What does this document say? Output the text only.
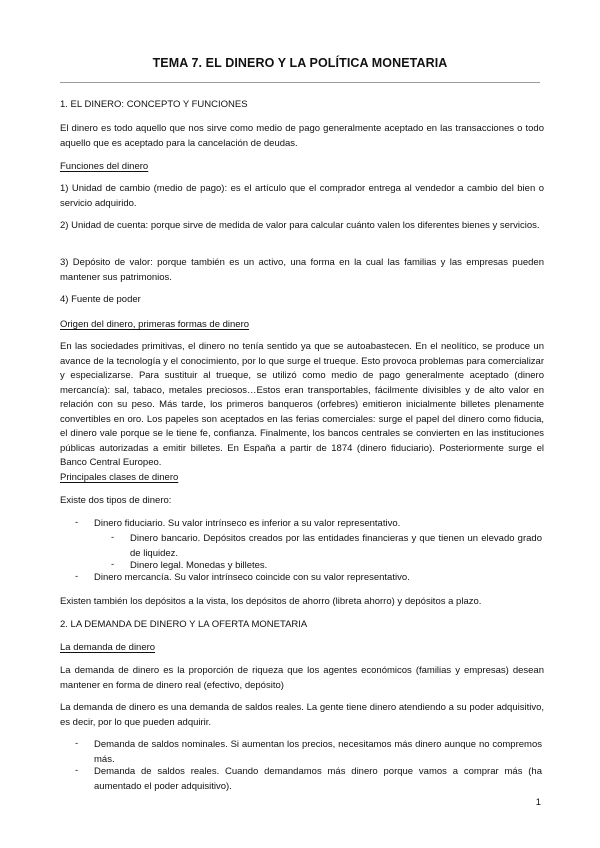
TEMA 7. EL DINERO Y LA POLÍTICA MONETARIA
1. EL DINERO: CONCEPTO Y FUNCIONES
El dinero es todo aquello que nos sirve como medio de pago generalmente aceptado en las transacciones o todo aquello que es aceptado para la cancelación de deudas.
Funciones del dinero
1) Unidad de cambio (medio de pago): es el artículo que el comprador entrega al vendedor a cambio del bien o servicio adquirido.
2) Unidad de cuenta: porque sirve de medida de valor para calcular cuánto valen los diferentes bienes y servicios.
3) Depósito de valor: porque también es un activo, una forma en la cual las familias y las empresas pueden mantener sus patrimonios.
4) Fuente de poder
Origen del dinero, primeras formas de dinero
En las sociedades primitivas, el dinero no tenía sentido ya que se autoabastecen. En el neolítico, se produce un avance de la tecnología y el conocimiento, por lo que surge el trueque. Esto provoca problemas para comercializar y especializarse. Para sustituir al trueque, se utilizó como medio de pago generalmente aceptado (dinero mercancía): sal, tabaco, metales preciosos…Estos eran transportables, fácilmente divisibles y de alto valor en relación con su peso. Más tarde, los primeros banqueros (orfebres) emitieron inicialmente billetes plenamente convertibles en oro. Los papeles son aceptados en las ferias comerciales: surge el papel del dinero como fiducia, el dinero vale porque se le tiene fe, confianza. Finalmente, los bancos centrales se convierten en las instituciones públicas autorizadas a emitir billetes. En España a partir de 1874 (dinero fiduciario). Posteriormente surge el Banco Central Europeo.
Principales clases de dinero
Existe dos tipos de dinero:
- Dinero fiduciario. Su valor intrínseco es inferior a su valor representativo.
- Dinero bancario. Depósitos creados por las entidades financieras y que tienen un elevado grado de liquidez.
- Dinero legal. Monedas y billetes.
- Dinero mercancía. Su valor intrínseco coincide con su valor representativo.
Existen también los depósitos a la vista, los depósitos de ahorro (libreta ahorro) y depósitos a plazo.
2. LA DEMANDA DE DINERO Y LA OFERTA MONETARIA
La demanda de dinero
La demanda de dinero es la proporción de riqueza que los agentes económicos (familias y empresas) desean mantener en forma de dinero real (efectivo, depósito)
La demanda de dinero es una demanda de saldos reales. La gente tiene dinero atendiendo a su poder adquisitivo, es decir, por lo que pueden adquirir.
- Demanda de saldos nominales. Si aumentan los precios, necesitamos más dinero aunque no compremos más.
- Demanda de saldos reales. Cuando demandamos más dinero porque vamos a comprar más (ha aumentado el poder adquisitivo).
1
